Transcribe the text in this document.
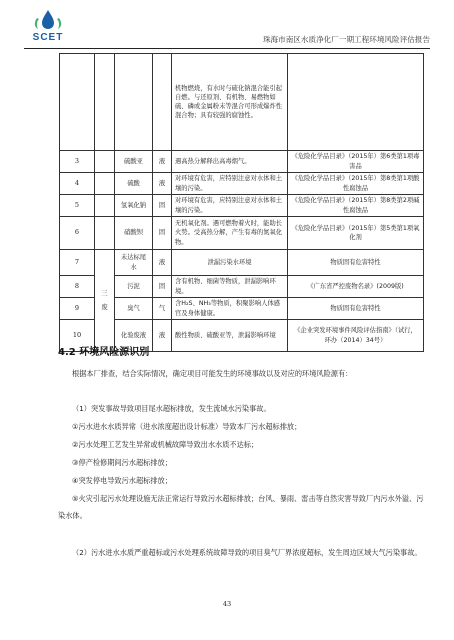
SCET	珠海市南区水质净化厂一期工程环境风险评估报告
				机物燃烧，有水时与硫化钠混合能引起自燃。与还原剂、有机物、易燃物如硫、磷或金属粉末等混合可形成爆炸性混合物；具有较强的腐蚀性。	
3		硫酸亚	液	遇高热分解释出高毒烟气。	《危险化学品目录》（2015年）第6类第1项毒害品
4		硫酸	液	对环境有危害，应特别注意对水体和土壤的污染。	《危险化学品目录》（2015年）第8类第1项酸性腐蚀品
5		氢氧化钠	固	对环境有危害，应特别注意对水体和土壤的污染。	《危险化学品目录》（2015年）第8类第2项碱性腐蚀品
6		硝酸钡	固	无机氧化剂。遇可燃物着火时，能助长火势。受高热分解，产生有毒的氮氧化物。	《危险化学品目录》（2015年）第5类第1项氧化剂
7	三废	未达标尾水	液	泄漏污染水环境	物质固有危害特性
8		污泥	固	含有机物、细菌等物质，泄漏影响环境。	《广东省严控废物名录》(2009版)
9		臭气	气	含H₂S、NH₃等物质，积聚影响人体感官及身体健康。	物质固有危害特性
10		化验废液	液	酸性物质、硫酸亚等，泄漏影响环境	《企业突发环境事件风险评估指南》（试行，环办（2014）34号）
4.2 环境风险源识别

根据本厂排查，结合实际情况，确定项目可能发生的环境事故以及对应的环境风险源有：

（1）突发事故导致项目尾水超标排放，发生流域水污染事故。

①污水进水水质异常（进水浓度超出设计标准）导致本厂污水超标排放；

②污水处理工艺发生异常或机械故障导致出水水质不达标；

③停产检修期间污水超标排放；

④突发停电导致污水超标排放；

⑤火灾引起污水处理设施无法正常运行导致污水超标排放；台风、暴雨、雷击等自然灾害导致厂内污水外溢、污染水体。

（2）污水进水水质严重超标或污水处理系统故障导致的项目臭气厂界浓度超标，发生周边区域大气污染事故。

43
